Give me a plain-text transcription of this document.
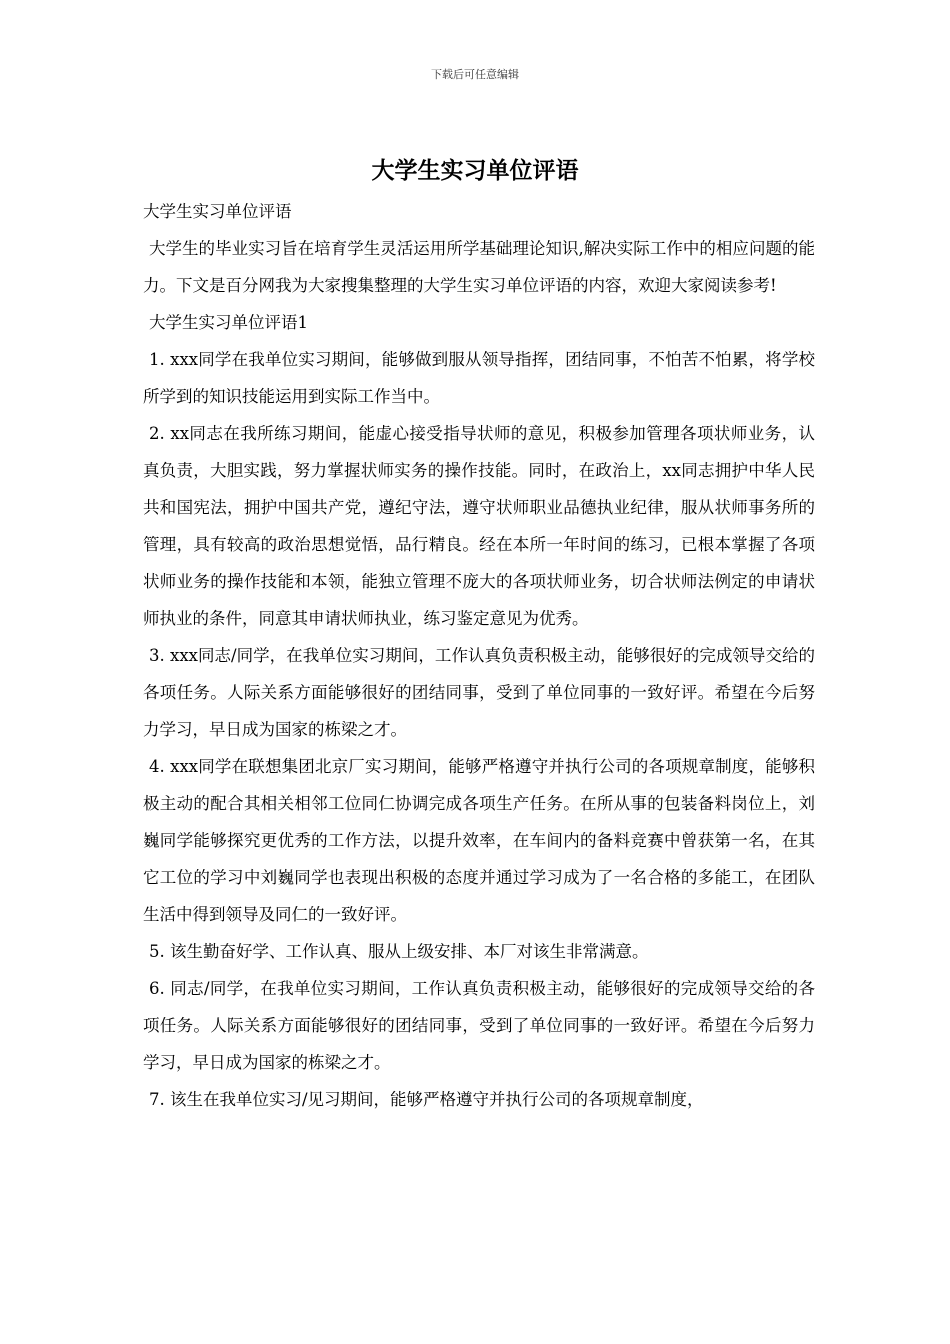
下载后可任意编辑
大学生实习单位评语

大学生实习单位评语

大学生的毕业实习旨在培育学生灵活运用所学基础理论知识,解决实际工作中的相应问题的能力。下文是百分网我为大家搜集整理的大学生实习单位评语的内容，欢迎大家阅读参考!

大学生实习单位评语1

1. xxx同学在我单位实习期间，能够做到服从领导指挥，团结同事，不怕苦不怕累，将学校所学到的知识技能运用到实际工作当中。

2. xx同志在我所练习期间，能虚心接受指导状师的意见，积极参加管理各项状师业务，认真负责，大胆实践，努力掌握状师实务的操作技能。同时，在政治上，xx同志拥护中华人民共和国宪法，拥护中国共产党，遵纪守法，遵守状师职业品德执业纪律，服从状师事务所的管理，具有较高的政治思想觉悟，品行精良。经在本所一年时间的练习，已根本掌握了各项状师业务的操作技能和本领，能独立管理不庞大的各项状师业务，切合状师法例定的申请状师执业的条件，同意其申请状师执业，练习鉴定意见为优秀。

3. xxx同志/同学，在我单位实习期间，工作认真负责积极主动，能够很好的完成领导交给的各项任务。人际关系方面能够很好的团结同事，受到了单位同事的一致好评。希望在今后努力学习，早日成为国家的栋梁之才。

4. xxx同学在联想集团北京厂实习期间，能够严格遵守并执行公司的各项规章制度，能够积极主动的配合其相关相邻工位同仁协调完成各项生产任务。在所从事的包装备料岗位上，刘巍同学能够探究更优秀的工作方法，以提升效率，在车间内的备料竞赛中曾获第一名，在其它工位的学习中刘巍同学也表现出积极的态度并通过学习成为了一名合格的多能工，在团队生活中得到领导及同仁的一致好评。

5. 该生勤奋好学、工作认真、服从上级安排、本厂对该生非常满意。

6. 同志/同学，在我单位实习期间，工作认真负责积极主动，能够很好的完成领导交给的各项任务。人际关系方面能够很好的团结同事，受到了单位同事的一致好评。希望在今后努力学习，早日成为国家的栋梁之才。

7. 该生在我单位实习/见习期间，能够严格遵守并执行公司的各项规章制度，
